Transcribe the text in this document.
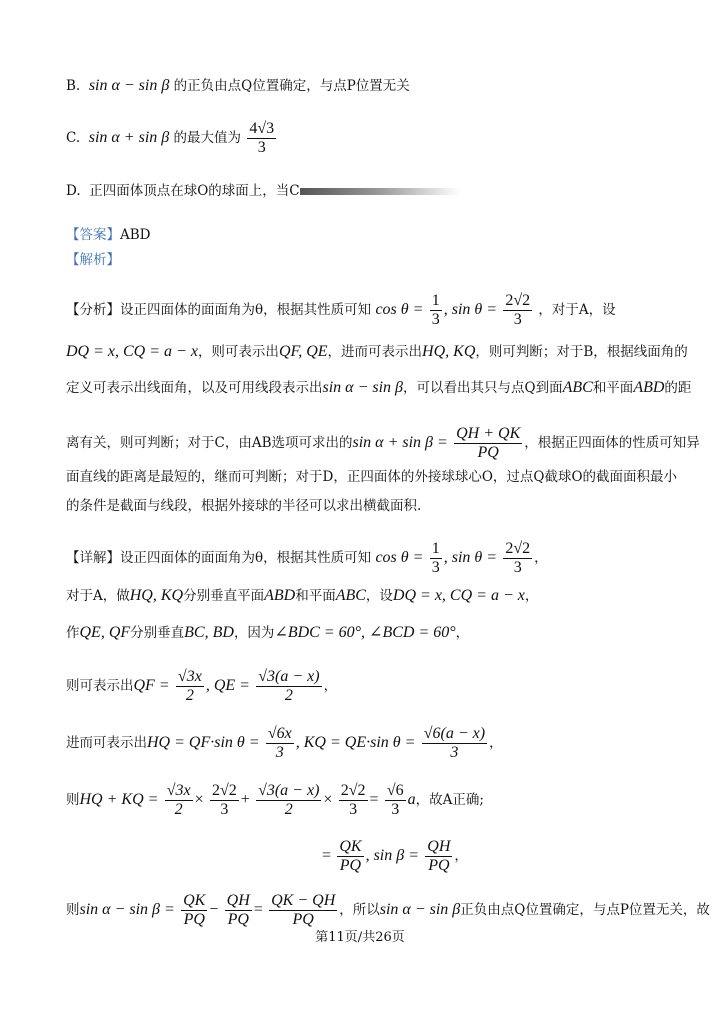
B. sin α − sin β 的正负由点Q位置确定，与点P位置无关
C. sin α + sin β 的最大值为 $\frac{4√3}{3}$
D. 正四面体顶点在球O的球面上，当C
【答案】ABD
【解析】
【分析】设正四面体的面面角为θ，根据其性质可知 $\cos \theta = \frac{1}{3}$ , $\sin \theta = \frac{2√2}{3}$ ，对于A，设
DQ = x, CQ = a − x，则可表示出QF, QE，进而可表示出HQ, KQ，则可判断；对于B，根据线面角的
定义可表示出线面角，以及可用线段表示出sin α − sin β，可以看出其只与点Q到面ABC和平面ABD的距
离有关，则可判断；对于C，由AB选项可求出的$\sin \alpha + \sin \beta = \frac{QH + QK}{PQ}$ ，根据正四面体的性质可知异
面直线的距离是最短的，继而可判断；对于D，正四面体的外接球球心O，过点Q截球O的截面面积最小
的条件是截面与线段，根据外接球的半径可以求出横截面积.
【详解】设正四面体的面面角为θ，根据其性质可知 $\cos \theta = \frac{1}{3}$ , $\sin \theta = \frac{2√2}{3}$ ，
对于A，做HQ, KQ分别垂直平面ABD和平面ABC，设DQ = x, CQ = a − x，
作QE, QF分别垂直BC, BD，因为∠BDC = 60°, ∠BCD = 60°，
则可表示出QF = $\frac{√3x}{2}$ , QE = $\frac{√3(a - x)}{2}$ ，
进而可表示出HQ = QF·sin $\theta = \frac{√6x}{3}$ , KQ = QE·sin $\theta = \frac{√6(a - x)}{3}$ ，
则HQ + KQ = $\frac{√3x}{2} \times \frac{2√2}{3} + \frac{√3(a - x)}{2} \times \frac{2√2}{3} = \frac{√6}{3}$ a，故A正确;
= $\frac{QK}{PQ}$ , $\sin \beta = \frac{QH}{PQ}$ ，
则$\sin \alpha - \sin \beta = \frac{QK}{PQ} - \frac{QH}{PQ} = \frac{QK - QH}{PQ}$ ，所以sin α − sin β正负由点Q位置确定，与点P位置无关，故
第11页/共26页
